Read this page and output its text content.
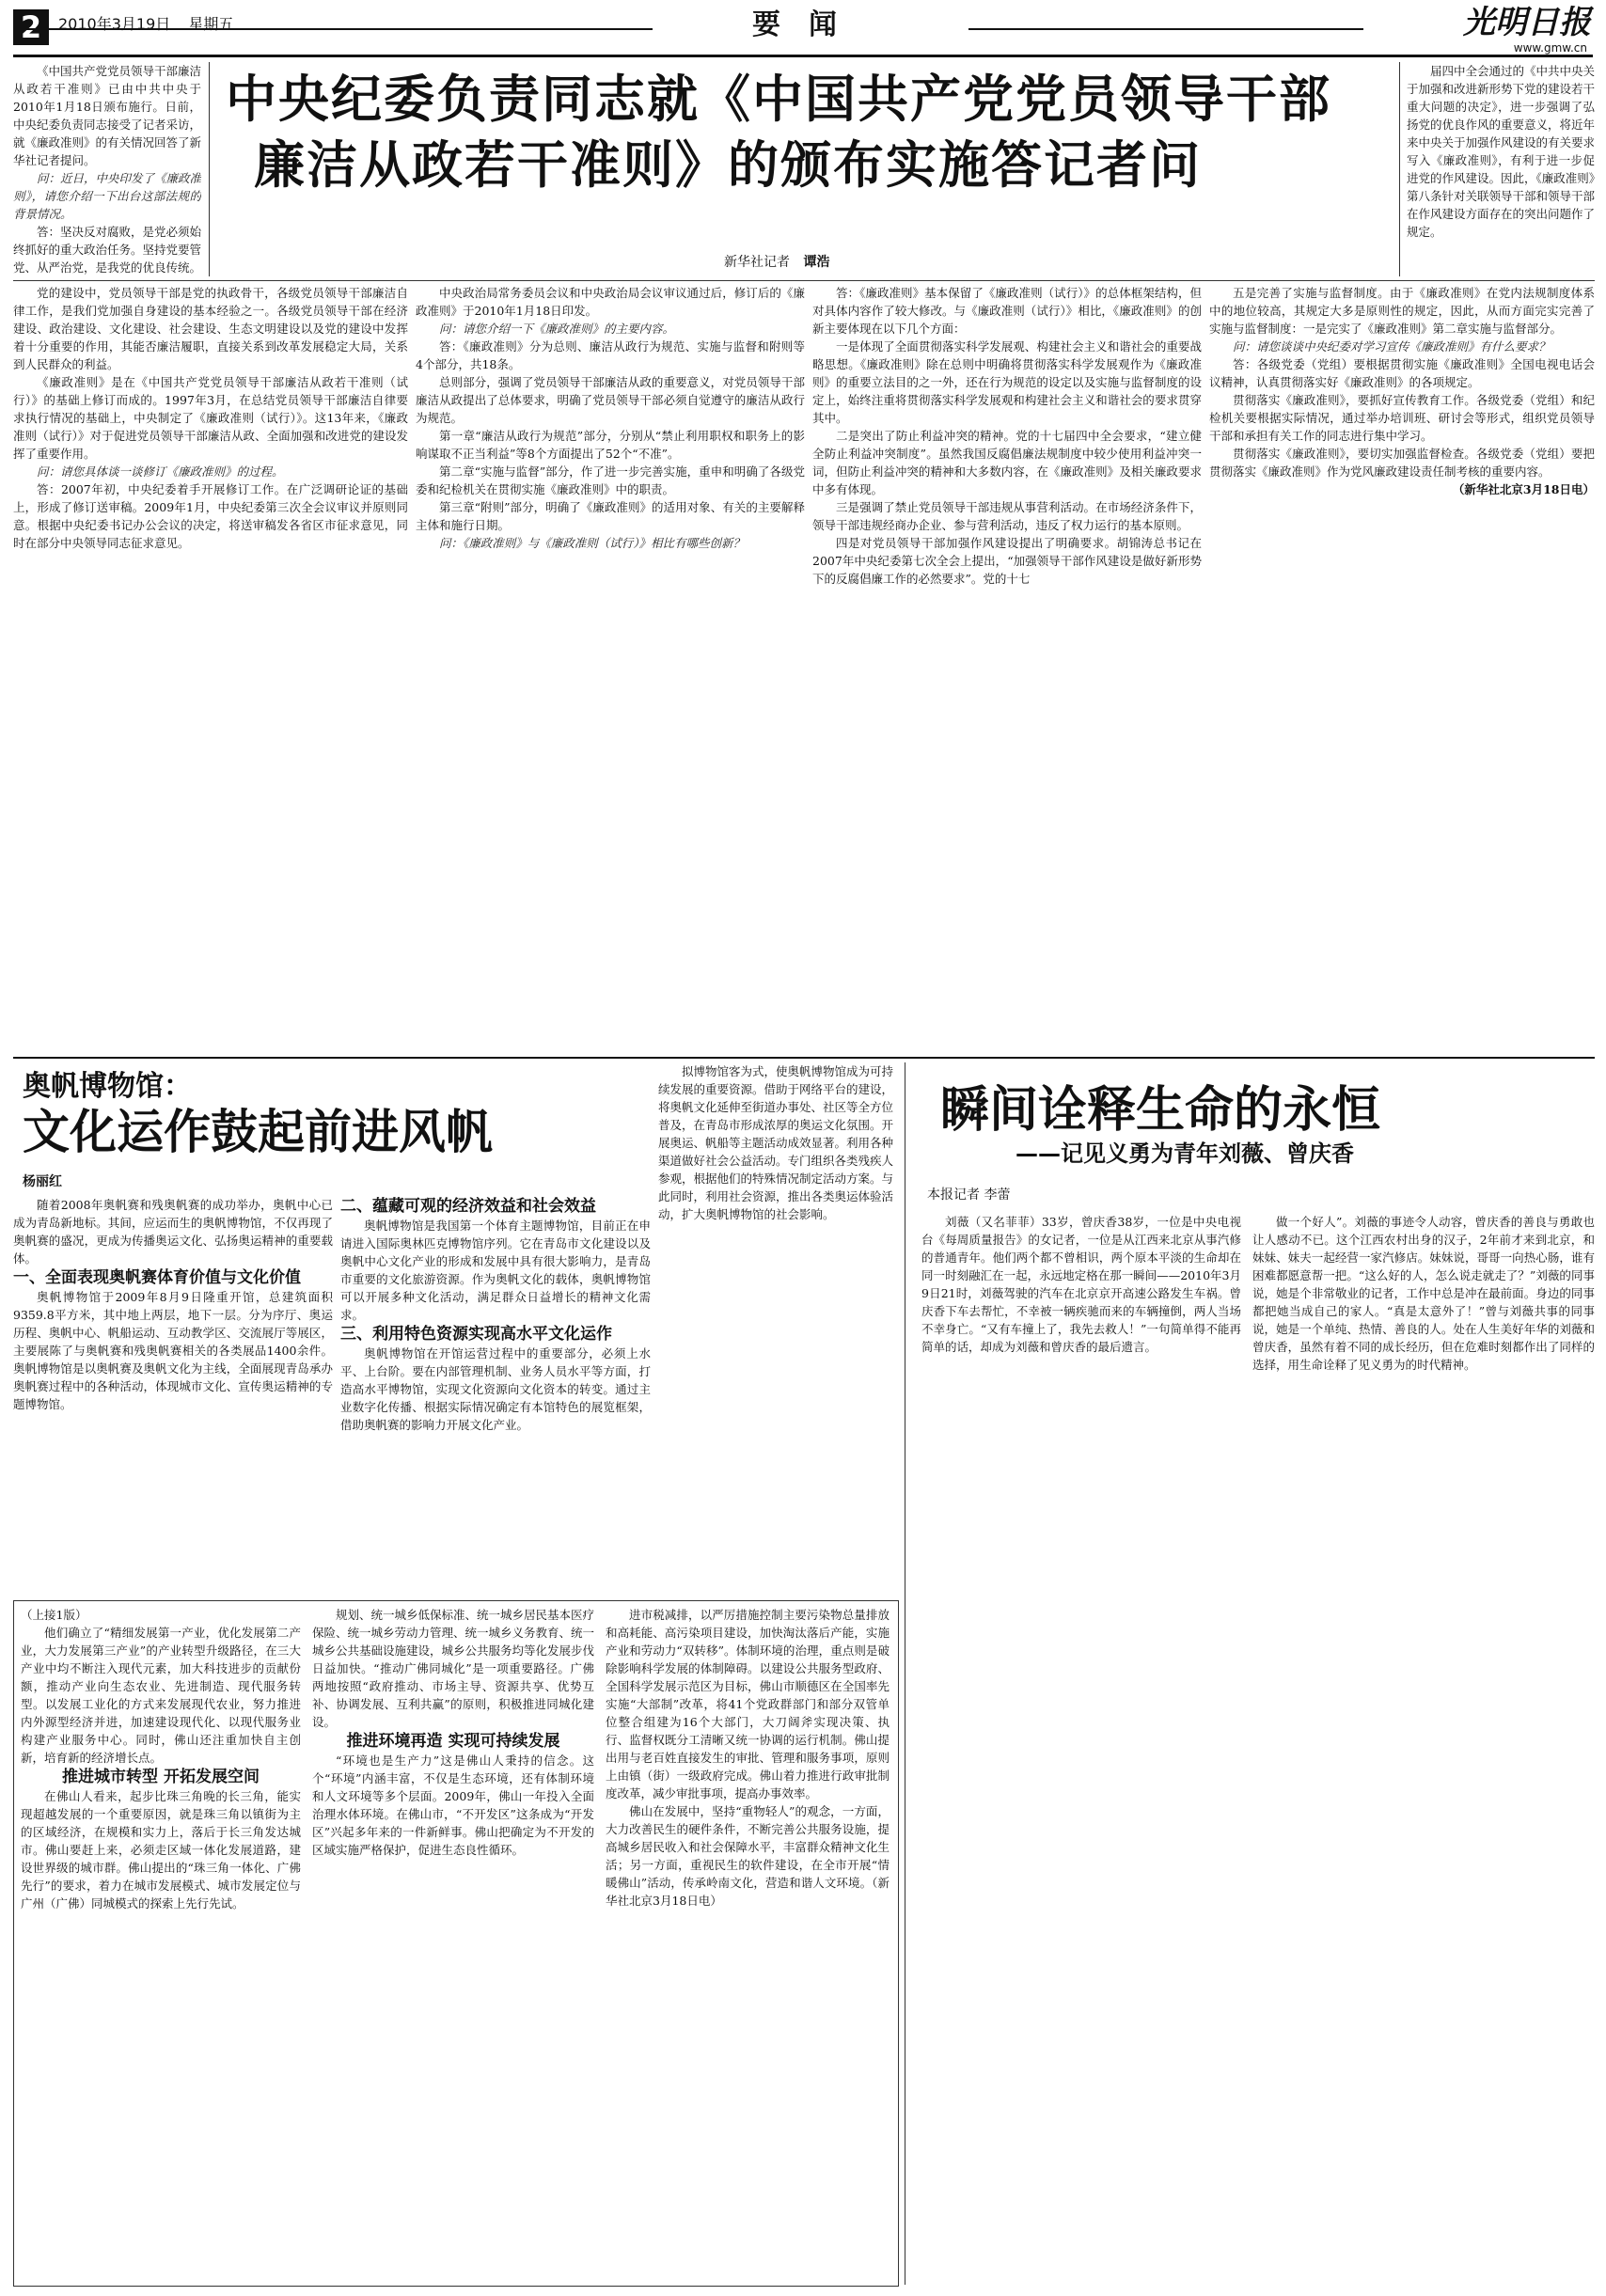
2	2010年3月19日 星期五	要闻	光明日报
www.gmw.cn

《中国共产党党员领导干部廉洁从政若干准则》已由中共中央于2010年1月18日颁布施行。日前，中央纪委负责同志接受了记者采访，就《廉政准则》的有关情况回答了新华社记者提问。

问：近日，中央印发了《廉政准则》，请您介绍一下出台这部法规的背景情况。

答：坚决反对腐败，是党必须始终抓好的重大政治任务。坚持党要管党、从严治党，是我党的优良传统。

中央纪委负责同志就《中国共产党党员领导干部
廉洁从政若干准则》的颁布实施答记者问
新华社记者 谭浩

届四中全会通过的《中共中央关于加强和改进新形势下党的建设若干重大问题的决定》，进一步强调了弘扬党的优良作风的重要意义，将近年来中央关于加强作风建设的有关要求写入《廉政准则》，有利于进一步促进党的作风建设。因此，《廉政准则》第八条针对关联领导干部和领导干部在作风建设方面存在的突出问题作了规定。

党的建设中，党员领导干部是党的执政骨干，各级党员领导干部廉洁自律工作，是我们党加强自身建设的基本经验之一。各级党员领导干部在经济建设、政治建设、文化建设、社会建设、生态文明建设以及党的建设中发挥着十分重要的作用，其能否廉洁履职，直接关系到改革发展稳定大局，关系到人民群众的利益。

《廉政准则》是在《中国共产党党员领导干部廉洁从政若干准则（试行）》的基础上修订而成的。1997年3月，在总结党员领导干部廉洁自律要求执行情况的基础上，中央制定了《廉政准则（试行）》。这13年来，《廉政准则（试行）》对于促进党员领导干部廉洁从政、全面加强和改进党的建设发挥了重要作用。

问：请您具体谈一谈修订《廉政准则》的过程。

答：2007年初，中央纪委着手开展修订工作。在广泛调研论证的基础上，形成了修订送审稿。2009年1月，中央纪委第三次全会议审议并原则同意。根据中央纪委书记办公会议的决定，将送审稿发各省区市征求意见，同时在部分中央领导同志征求意见。

中央政治局常务委员会议和中央政治局会议审议通过后，修订后的《廉政准则》于2010年1月18日印发。

问：请您介绍一下《廉政准则》的主要内容。

答：《廉政准则》分为总则、廉洁从政行为规范、实施与监督和附则等4个部分，共18条。

总则部分，强调了党员领导干部廉洁从政的重要意义，对党员领导干部廉洁从政提出了总体要求，明确了党员领导干部必须自觉遵守的廉洁从政行为规范。

第一章“廉洁从政行为规范”部分，分别从“禁止利用职权和职务上的影响谋取不正当利益”等8个方面提出了52个“不准”。

第二章“实施与监督”部分，作了进一步完善实施，重申和明确了各级党委和纪检机关在贯彻实施《廉政准则》中的职责。

第三章“附则”部分，明确了《廉政准则》的适用对象、有关的主要解释主体和施行日期。

问：《廉政准则》与《廉政准则（试行）》相比有哪些创新？

答：《廉政准则》基本保留了《廉政准则（试行）》的总体框架结构，但对具体内容作了较大修改。与《廉政准则（试行）》相比，《廉政准则》的创新主要体现在以下几个方面：

一是体现了全面贯彻落实科学发展观、构建社会主义和谐社会的重要战略思想。《廉政准则》除在总则中明确将贯彻落实科学发展观作为《廉政准则》的重要立法目的之一外，还在行为规范的设定以及实施与监督制度的设定上，始终注重将贯彻落实科学发展观和构建社会主义和谐社会的要求贯穿其中。

二是突出了防止利益冲突的精神。党的十七届四中全会要求，“建立健全防止利益冲突制度”。虽然我国反腐倡廉法规制度中较少使用利益冲突一词，但防止利益冲突的精神和大多数内容，在《廉政准则》及相关廉政要求中多有体现。

三是强调了禁止党员领导干部违规从事营利活动。在市场经济条件下，领导干部违规经商办企业、参与营利活动，违反了权力运行的基本原则。

四是对党员领导干部加强作风建设提出了明确要求。胡锦涛总书记在2007年中央纪委第七次全会上提出，“加强领导干部作风建设是做好新形势下的反腐倡廉工作的必然要求”。党的十七

五是完善了实施与监督制度。由于《廉政准则》在党内法规制度体系中的地位较高，其规定大多是原则性的规定，因此，从而方面完实完善了实施与监督制度：一是完实了《廉政准则》第二章实施与监督部分。

问：请您谈谈中央纪委对学习宣传《廉政准则》有什么要求？

答：各级党委（党组）要根据贯彻实施《廉政准则》全国电视电话会议精神，认真贯彻落实好《廉政准则》的各项规定。

贯彻落实《廉政准则》，要抓好宣传教育工作。各级党委（党组）和纪检机关要根据实际情况，通过举办培训班、研讨会等形式，组织党员领导干部和承担有关工作的同志进行集中学习。

贯彻落实《廉政准则》，要切实加强监督检查。各级党委（党组）要把贯彻落实《廉政准则》作为党风廉政建设责任制考核的重要内容。

（新华社北京3月18日电）

奥帆博物馆：
文化运作鼓起前进风帆
杨丽红

随着2008年奥帆赛和残奥帆赛的成功举办，奥帆中心已成为青岛新地标。其间，应运而生的奥帆博物馆，不仅再现了奥帆赛的盛况，更成为传播奥运文化、弘扬奥运精神的重要载体。

一、全面表现奥帆赛体育价值与文化价值

奥帆博物馆于2009年8月9日隆重开馆，总建筑面积9359.8平方米，其中地上两层，地下一层。分为序厅、奥运历程、奥帆中心、帆船运动、互动教学区、交流展厅等展区，主要展陈了与奥帆赛和残奥帆赛相关的各类展品1400余件。奥帆博物馆是以奥帆赛及奥帆文化为主线，全面展现青岛承办奥帆赛过程中的各种活动，体现城市文化、宣传奥运精神的专题博物馆。

二、蕴藏可观的经济效益和社会效益

奥帆博物馆是我国第一个体育主题博物馆，目前正在申请进入国际奥林匹克博物馆序列。它在青岛市文化建设以及奥帆中心文化产业的形成和发展中具有很大影响力，是青岛市重要的文化旅游资源。作为奥帆文化的载体，奥帆博物馆可以开展多种文化活动，满足群众日益增长的精神文化需求。

三、利用特色资源实现高水平文化运作

奥帆博物馆在开馆运营过程中的重要部分，必须上水平、上台阶。要在内部管理机制、业务人员水平等方面，打造高水平博物馆，实现文化资源向文化资本的转变。通过主业数字化传播、根据实际情况确定有本馆特色的展览框架，借助奥帆赛的影响力开展文化产业。

拟博物馆客为式，使奥帆博物馆成为可持续发展的重要资源。借助于网络平台的建设，将奥帆文化延伸至街道办事处、社区等全方位普及，在青岛市形成浓厚的奥运文化氛围。开展奥运、帆船等主题活动成效显著。利用各种渠道做好社会公益活动。专门组织各类残疾人参观，根据他们的特殊情况制定活动方案。与此同时，利用社会资源，推出各类奥运体验活动，扩大奥帆博物馆的社会影响。

瞬间诠释生命的永恒
——记见义勇为青年刘薇、曾庆香
本报记者 李蕾

刘薇（又名菲菲）33岁，曾庆香38岁，一位是中央电视台《每周质量报告》的女记者，一位是从江西来北京从事汽修的普通青年。他们两个都不曾相识，两个原本平淡的生命却在同一时刻融汇在一起，永远地定格在那一瞬间——2010年3月9日21时，刘薇驾驶的汽车在北京京开高速公路发生车祸。曾庆香下车去帮忙，不幸被一辆疾驰而来的车辆撞倒，两人当场不幸身亡。“又有车撞上了，我先去救人！”一句简单得不能再简单的话，却成为刘薇和曾庆香的最后遗言。

做一个好人”。刘薇的事迹令人动容，曾庆香的善良与勇敢也让人感动不已。这个江西农村出身的汉子，2年前才来到北京，和妹妹、妹夫一起经营一家汽修店。妹妹说，哥哥一向热心肠，谁有困难都愿意帮一把。“这么好的人，怎么说走就走了？”刘薇的同事说，她是个非常敬业的记者，工作中总是冲在最前面。身边的同事都把她当成自己的家人。“真是太意外了！”曾与刘薇共事的同事说，她是一个单纯、热情、善良的人。处在人生美好年华的刘薇和曾庆香，虽然有着不同的成长经历，但在危难时刻都作出了同样的选择，用生命诠释了见义勇为的时代精神。

（上接1版）

他们确立了“精细发展第一产业，优化发展第二产业，大力发展第三产业”的产业转型升级路径，在三大产业中均不断注入现代元素，加大科技进步的贡献份额，推动产业向生态农业、先进制造、现代服务转型。以发展工业化的方式来发展现代农业，努力推进内外源型经济并进，加速建设现代化、以现代服务业构建产业服务中心。同时，佛山还注重加快自主创新，培育新的经济增长点。

推进城市转型 开拓发展空间

在佛山人看来，起步比珠三角晚的长三角，能实现超越发展的一个重要原因，就是珠三角以镇街为主的区域经济，在规模和实力上，落后于长三角发达城市。佛山要赶上来，必须走区域一体化发展道路，建设世界级的城市群。佛山提出的“珠三角一体化、广佛先行”的要求，着力在城市发展模式、城市发展定位与广州（广佛）同城模式的探索上先行先试。

规划、统一城乡低保标准、统一城乡居民基本医疗保险、统一城乡劳动力管理、统一城乡义务教育、统一城乡公共基础设施建设，城乡公共服务均等化发展步伐日益加快。“推动广佛同城化”是一项重要路径。广佛两地按照“政府推动、市场主导、资源共享、优势互补、协调发展、互利共赢”的原则，积极推进同城化建设。

推进环境再造 实现可持续发展

“环境也是生产力”这是佛山人秉持的信念。这个“环境”内涵丰富，不仅是生态环境，还有体制环境和人文环境等多个层面。2009年，佛山一年投入全面治理水体环境。在佛山市，“不开发区”这条成为“开发区”兴起多年来的一件新鲜事。佛山把确定为不开发的区域实施严格保护，促进生态良性循环。

进市税减排，以严厉措施控制主要污染物总量排放和高耗能、高污染项目建设，加快淘汰落后产能，实施产业和劳动力“双转移”。体制环境的治理，重点则是破除影响科学发展的体制障碍。以建设公共服务型政府、全国科学发展示范区为目标，佛山市顺德区在全国率先实施“大部制”改革，将41个党政群部门和部分双管单位整合组建为16个大部门，大刀阔斧实现决策、执行、监督权既分工清晰又统一协调的运行机制。佛山提出用与老百姓直接发生的审批、管理和服务事项，原则上由镇（街）一级政府完成。佛山着力推进行政审批制度改革，减少审批事项，提高办事效率。

佛山在发展中，坚持“重物轻人”的观念，一方面，大力改善民生的硬件条件，不断完善公共服务设施，提高城乡居民收入和社会保障水平，丰富群众精神文化生活；另一方面，重视民生的软件建设，在全市开展“情暖佛山”活动，传承岭南文化，营造和谐人文环境。（新华社北京3月18日电）
